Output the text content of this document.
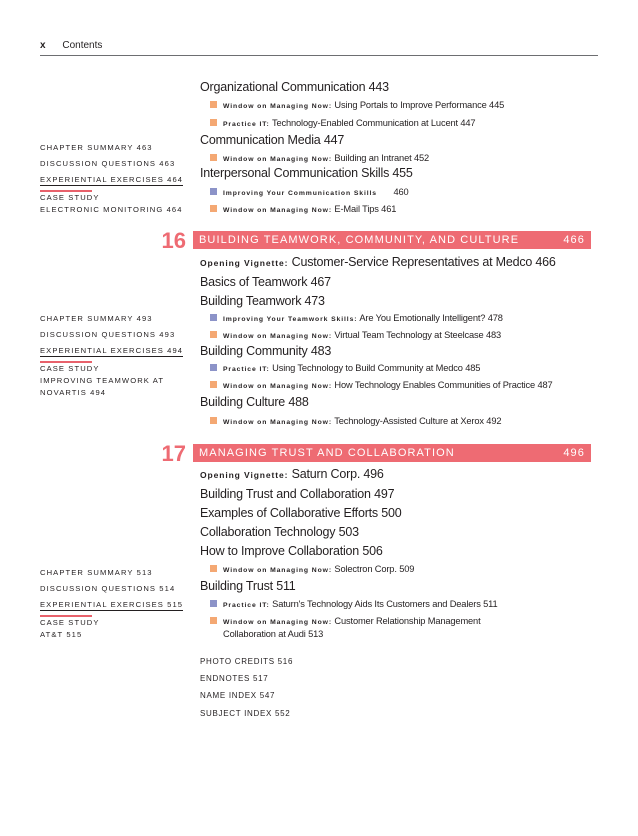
x Contents
Organizational Communication 443
Window on Managing Now: Using Portals to Improve Performance 445
Practice IT: Technology-Enabled Communication at Lucent 447
Communication Media 447
Window on Managing Now: Building an Intranet 452
Interpersonal Communication Skills 455
Improving Your Communication Skills 460
Window on Managing Now: E-Mail Tips 461
CHAPTER SUMMARY 463
DISCUSSION QUESTIONS 463
EXPERIENTIAL EXERCISES 464
CASE STUDY
ELECTRONIC MONITORING 464
16 BUILDING TEAMWORK, COMMUNITY, AND CULTURE	466
Opening Vignette: Customer-Service Representatives at Medco 466
Basics of Teamwork 467
Building Teamwork 473
Improving Your Teamwork Skills: Are You Emotionally Intelligent? 478
Window on Managing Now: Virtual Team Technology at Steelcase 483
Building Community 483
Practice IT: Using Technology to Build Community at Medco 485
Window on Managing Now: How Technology Enables Communities of Practice 487
Building Culture 488
Window on Managing Now: Technology-Assisted Culture at Xerox 492
CHAPTER SUMMARY 493
DISCUSSION QUESTIONS 493
EXPERIENTIAL EXERCISES 494
CASE STUDY
IMPROVING TEAMWORK AT
NOVARTIS 494
17 MANAGING TRUST AND COLLABORATION	496
Opening Vignette: Saturn Corp. 496
Building Trust and Collaboration 497
Examples of Collaborative Efforts 500
Collaboration Technology 503
How to Improve Collaboration 506
Window on Managing Now: Solectron Corp. 509
Building Trust 511
Practice IT: Saturn's Technology Aids Its Customers and Dealers 511
Window on Managing Now: Customer Relationship Management
Collaboration at Audi 513
CHAPTER SUMMARY 513
DISCUSSION QUESTIONS 514
EXPERIENTIAL EXERCISES 515
CASE STUDY
AT&T 515
PHOTO CREDITS 516
ENDNOTES 517
NAME INDEX 547
SUBJECT INDEX 552
